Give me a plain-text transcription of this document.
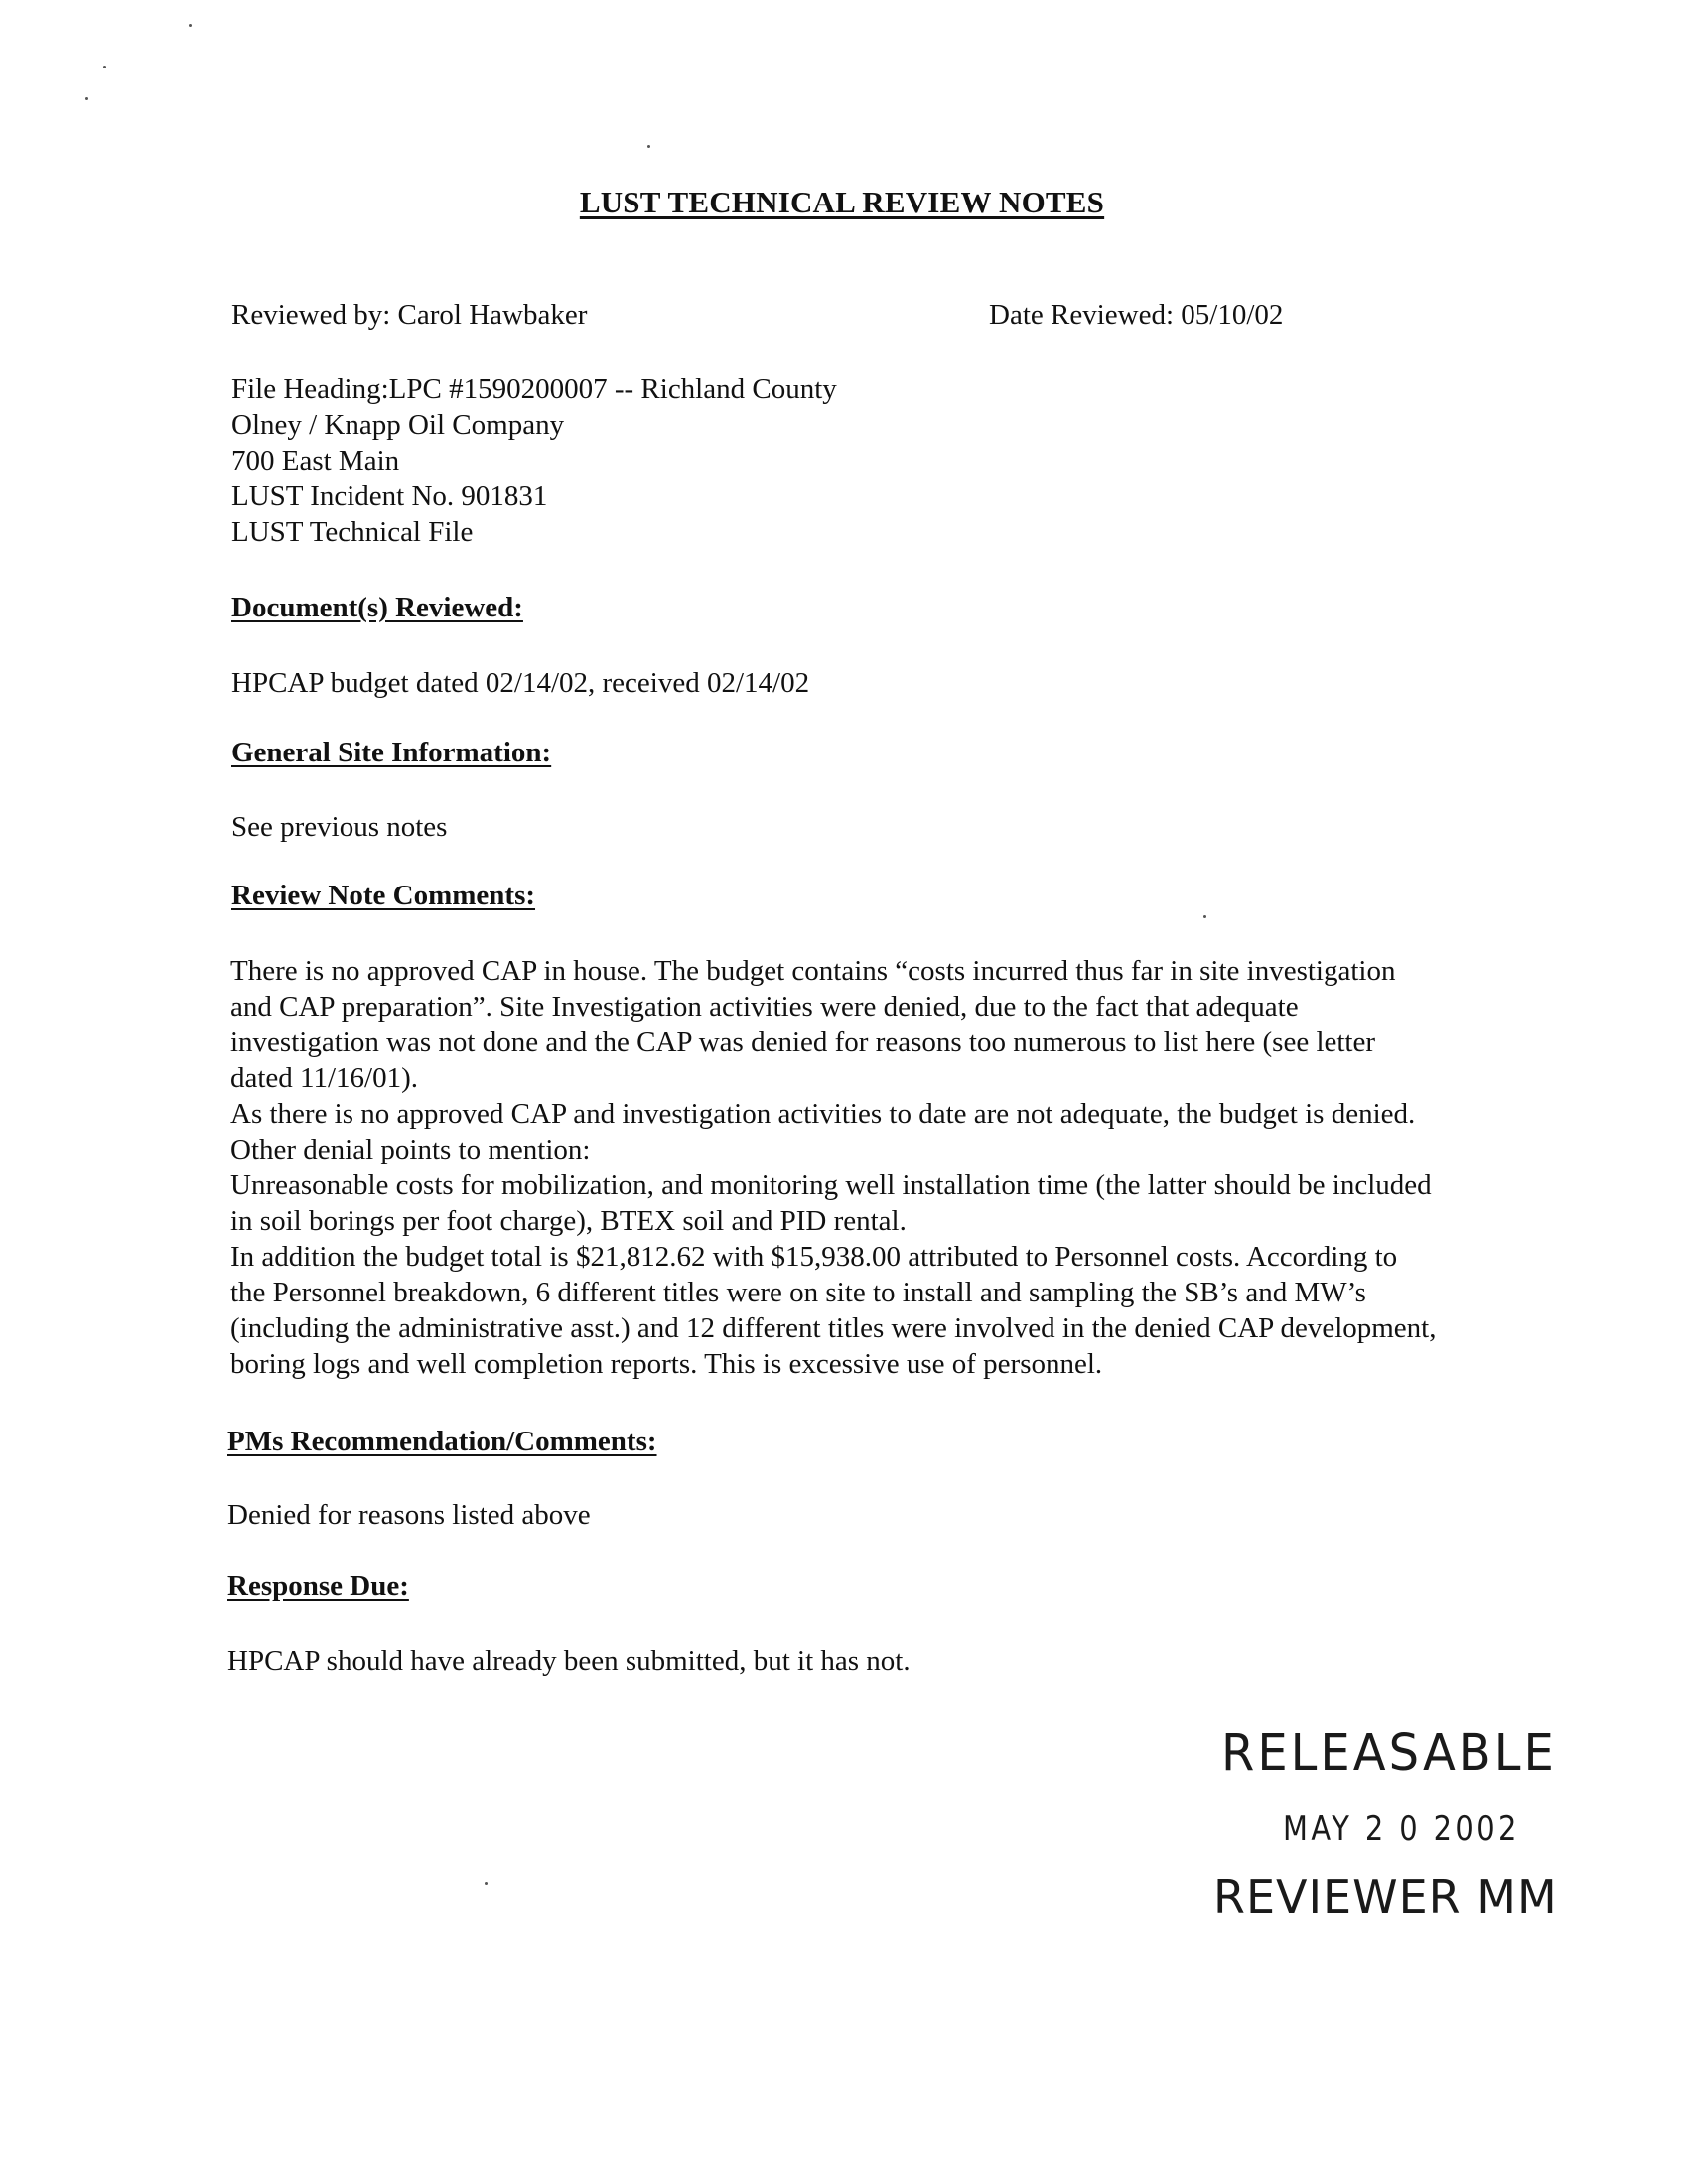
LUST TECHNICAL REVIEW NOTES
Reviewed by: Carol Hawbaker	Date Reviewed: 05/10/02
File Heading:LPC #1590200007 -- Richland County
Olney / Knapp Oil Company
700 East Main
LUST Incident No. 901831
LUST Technical File
Document(s) Reviewed:
HPCAP budget dated 02/14/02, received 02/14/02
General Site Information:
See previous notes
Review Note Comments:
There is no approved CAP in house. The budget contains “costs incurred thus far in site investigation
and CAP preparation”. Site Investigation activities were denied, due to the fact that adequate
investigation was not done and the CAP was denied for reasons too numerous to list here (see letter
dated 11/16/01).
As there is no approved CAP and investigation activities to date are not adequate, the budget is denied.
Other denial points to mention:
Unreasonable costs for mobilization, and monitoring well installation time (the latter should be included
in soil borings per foot charge), BTEX soil and PID rental.
In addition the budget total is $21,812.62 with $15,938.00 attributed to Personnel costs. According to
the Personnel breakdown, 6 different titles were on site to install and sampling the SB’s and MW’s
(including the administrative asst.) and 12 different titles were involved in the denied CAP development,
boring logs and well completion reports. This is excessive use of personnel.
PMs Recommendation/Comments:
Denied for reasons listed above
Response Due:
HPCAP should have already been submitted, but it has not.
RELEASABLE
MAY 2 0 2002
REVIEWER MM
